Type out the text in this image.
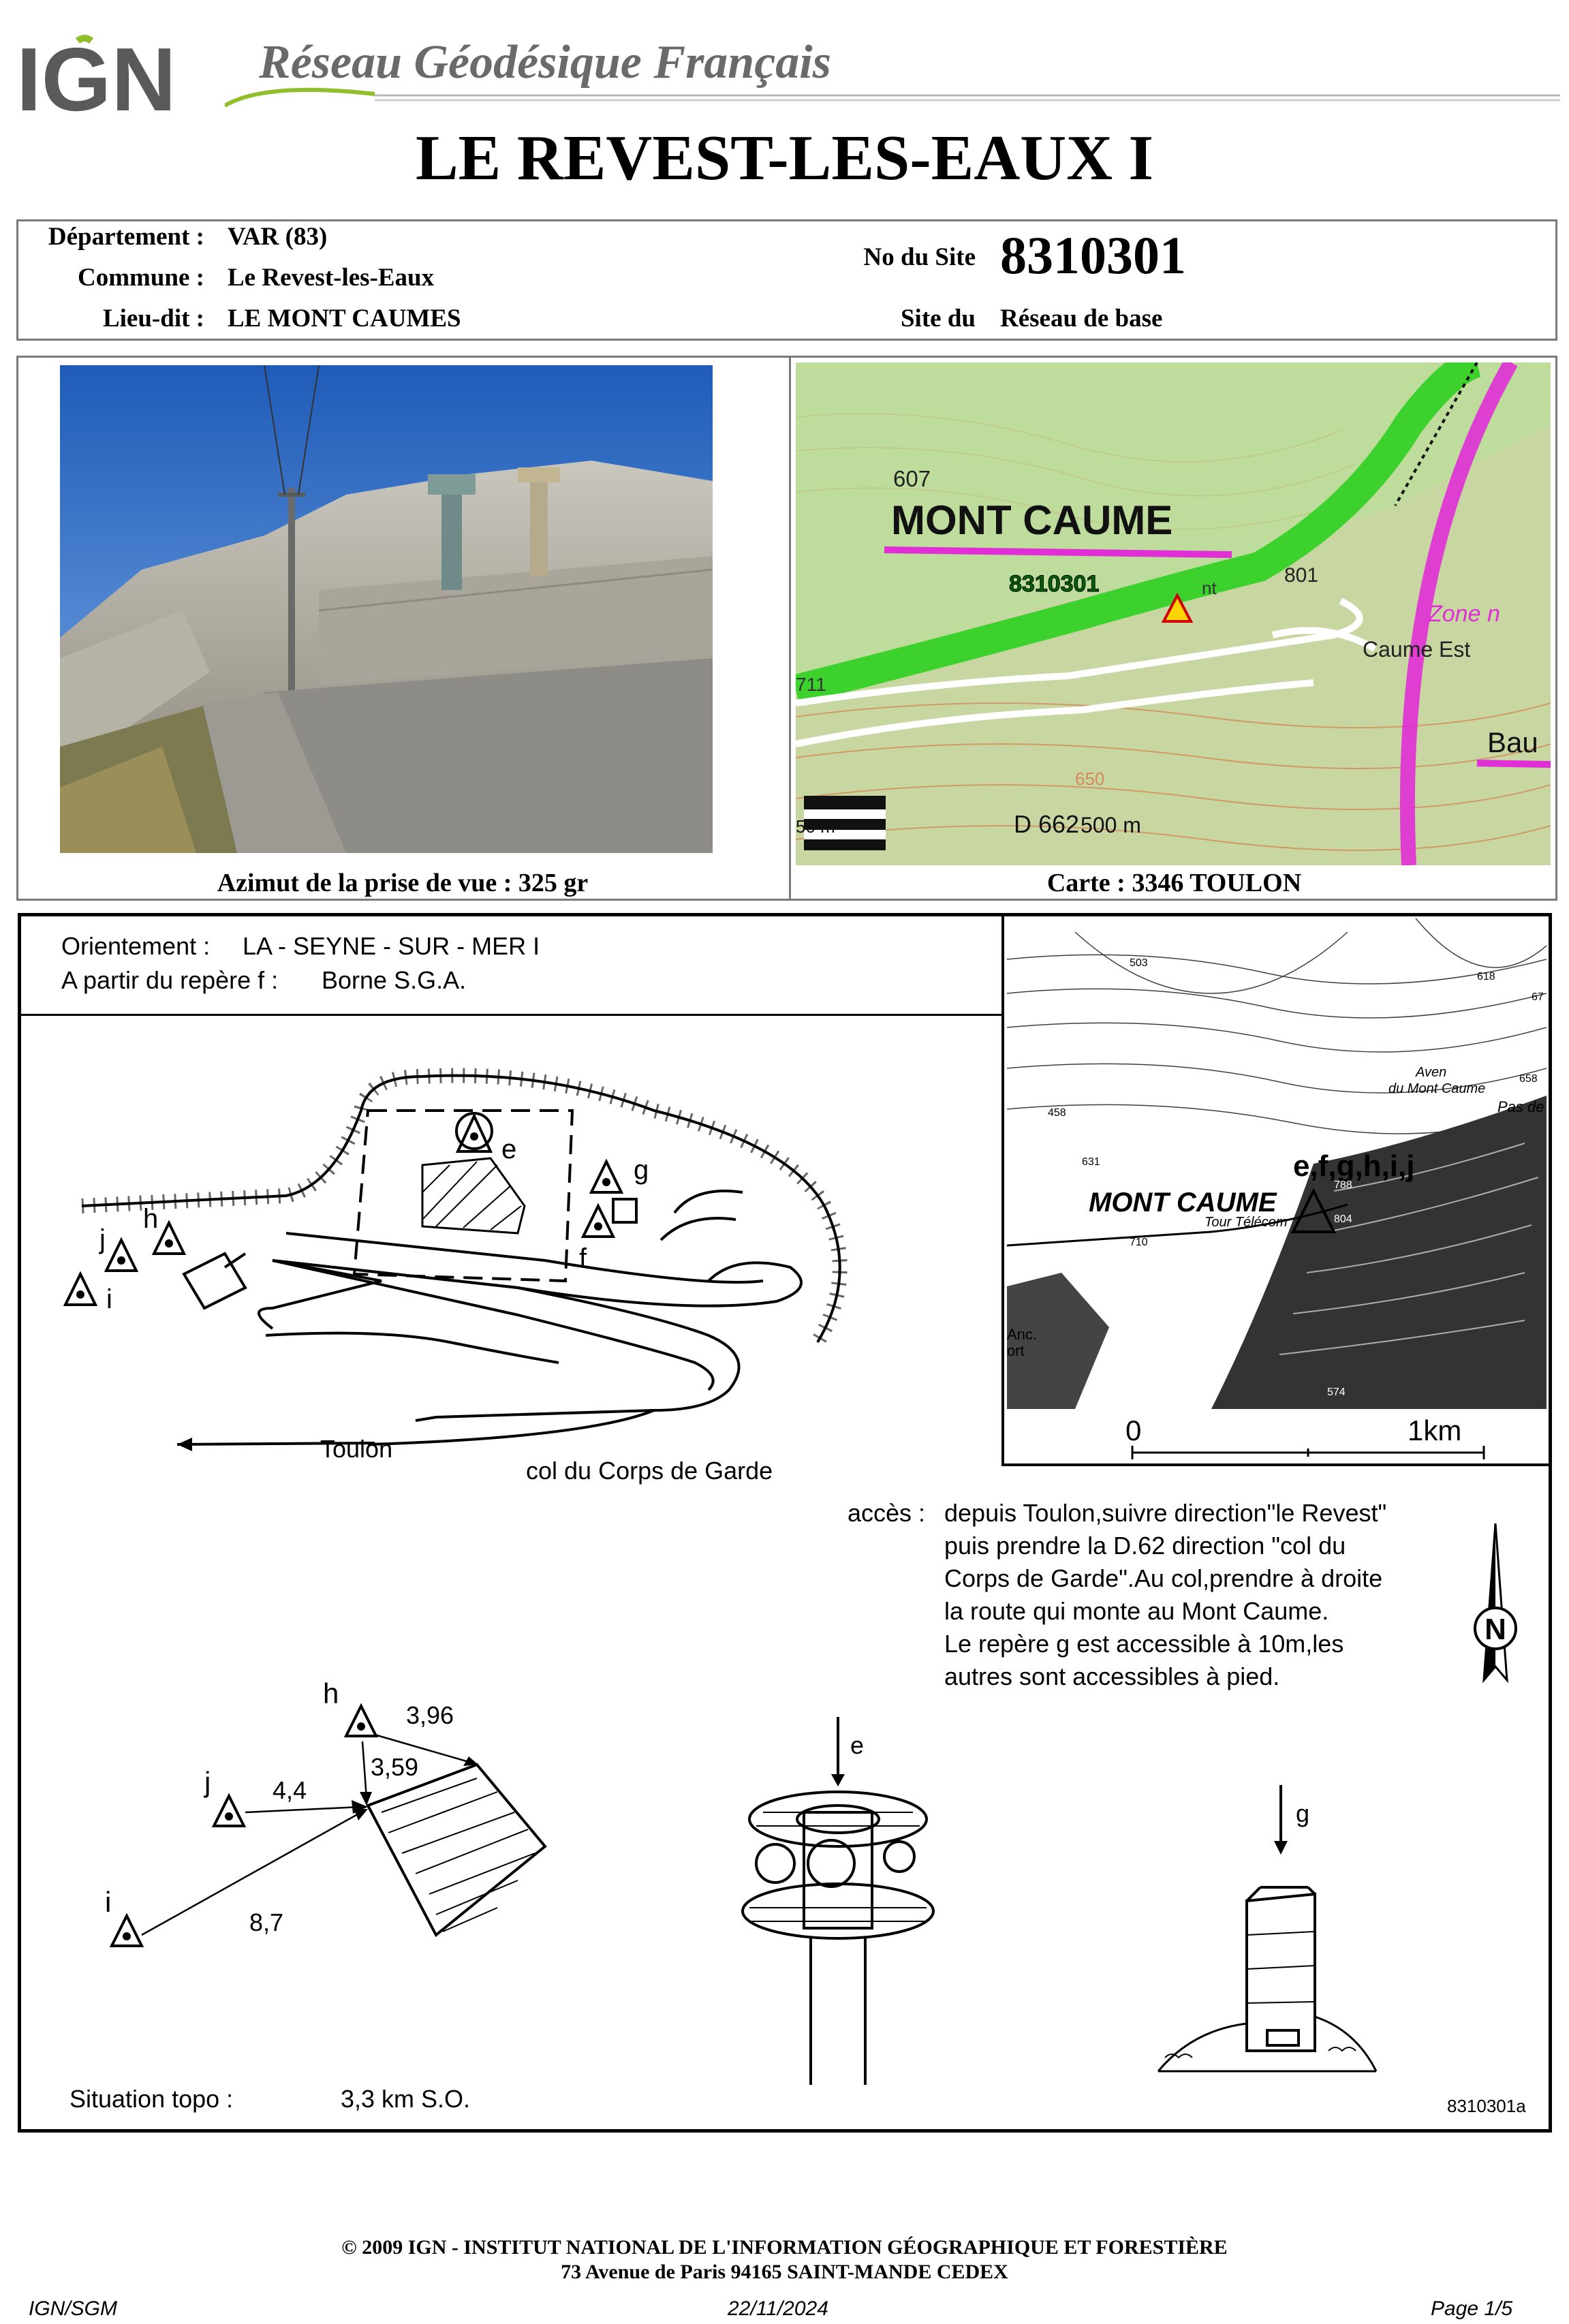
IGN Réseau Géodésique Français
LE REVEST-LES-EAUX I
Département : VAR (83)
Commune : Le Revest-les-Eaux
Lieu-dit : LE MONT CAUMES
No du Site 8310301
Site du Réseau de base
Azimut de la prise de vue : 325 gr
607
MONT CAUME
8310301	801
nt
Caume Est
Zone n
Bau
D 662 500 m
50 m
711
650
Carte : 3346 TOULON
Orientement : LA - SEYNE - SUR - MER I
A partir du repère f : Borne S.G.A.
e
g
f
h
j
i
Toulon
col du Corps de Garde
e,f,g,h,i,j
MONT CAUME
Tour Télécom
Aven
du Mont Caume
Pas de
Anc.
ort
503
618
458
658
631
788
804
710
574
67
0	1km
accès : depuis Toulon,suivre direction"le Revest"
puis prendre la D.62 direction "col du
Corps de Garde".Au col,prendre à droite
la route qui monte au Mont Caume.
Le repère g est accessible à 10m,les
autres sont accessibles à pied.
N
h
j
i
3,96
3,59
4,4
8,7
e
g
Situation topo :	3,3 km S.O.	8310301a
© 2009 IGN - INSTITUT NATIONAL DE L'INFORMATION GÉOGRAPHIQUE ET FORESTIÈRE
73 Avenue de Paris 94165 SAINT-MANDE CEDEX
IGN/SGM	22/11/2024	Page 1/5
